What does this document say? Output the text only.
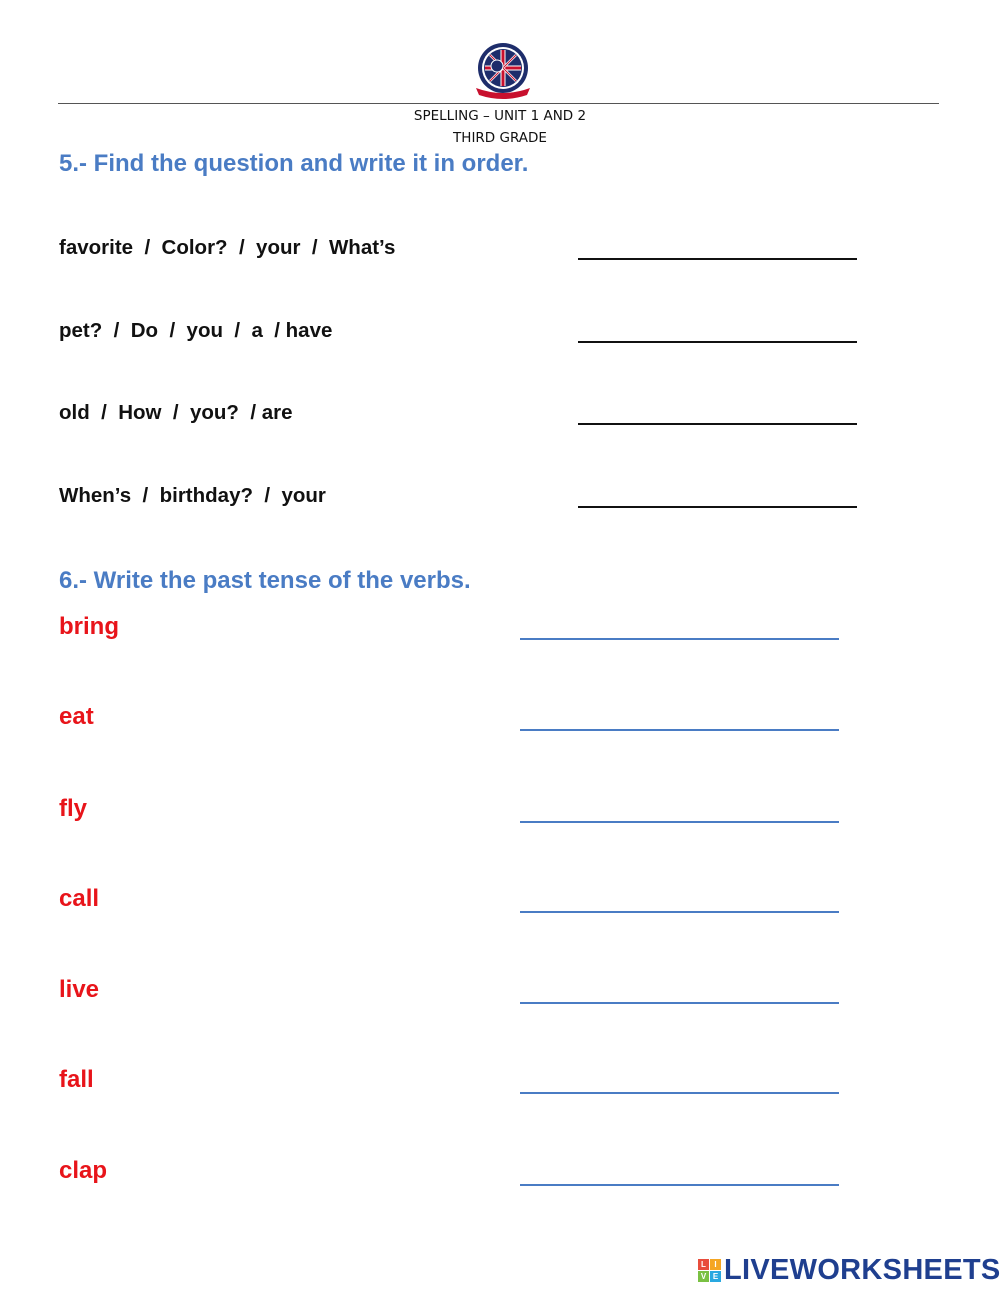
SPELLING – UNIT 1 AND 2
THIRD GRADE
5.- Find the question and write it in order.
favorite  /  Color?  /  your  /  What’s
pet?  /  Do  /  you  /  a  / have
old  /  How  /  you?  / are
When’s  /  birthday?  /  your
6.- Write the past tense of the verbs.
bring
eat
fly
call
live
fall
clap
L	I
V E LIVEWORKSHEETS
